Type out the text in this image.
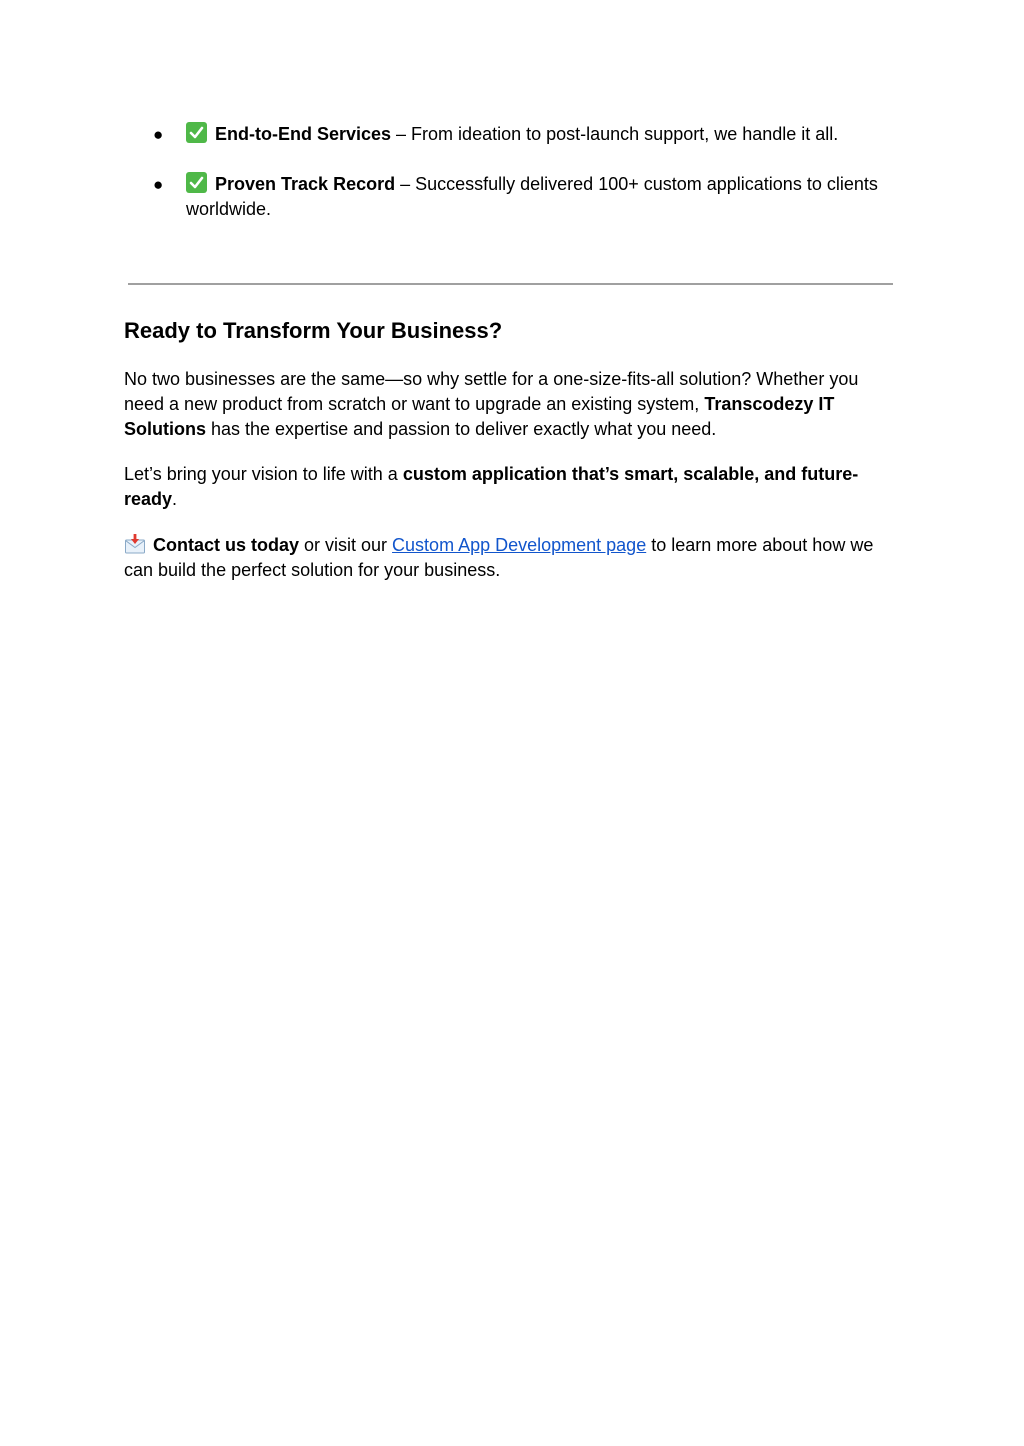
●	End-to-End Services – From ideation to post-launch support, we handle it all.
●	Proven Track Record – Successfully delivered 100+ custom applications to clients worldwide.
Ready to Transform Your Business?

No two businesses are the same—so why settle for a one-size-fits-all solution? Whether you need a new product from scratch or want to upgrade an existing system, Transcodezy IT Solutions has the expertise and passion to deliver exactly what you need.

Let’s bring your vision to life with a custom application that’s smart, scalable, and future-ready.

Contact us today or visit our Custom App Development page to learn more about how we can build the perfect solution for your business.
